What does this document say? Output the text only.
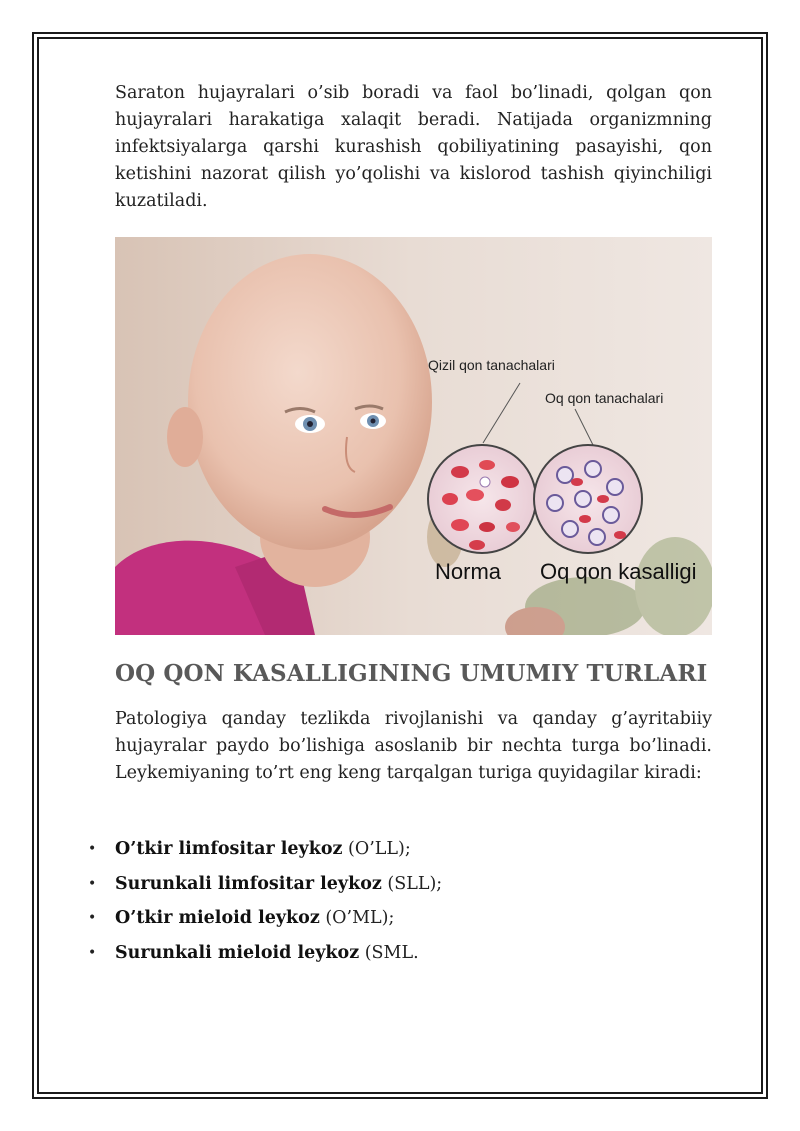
Saraton hujayralari o’sib boradi va faol bo’linadi, qolgan qon hujayralari harakatiga xalaqit beradi. Natijada organizmning infektsiyalarga qarshi kurashish qobiliyatining pasayishi, qon ketishini nazorat qilish yo’qolishi va kislorod tashish qiyinchiligi kuzatiladi.

Qizil qon tanachalari
Oq qon tanachalari
Norma Oq qon kasalligi
OQ QON KASALLIGINING UMUMIY TURLARI

Patologiya qanday tezlikda rivojlanishi va qanday g’ayritabiiy hujayralar paydo bo’lishiga asoslanib bir nechta turga bo’linadi. Leykemiyaning to’rt eng keng tarqalgan turiga quyidagilar kiradi:

• O’tkir limfositar leykoz (O’LL);
• Surunkali limfositar leykoz (SLL);
• O’tkir mieloid leykoz (O’ML);
• Surunkali mieloid leykoz (SML.
